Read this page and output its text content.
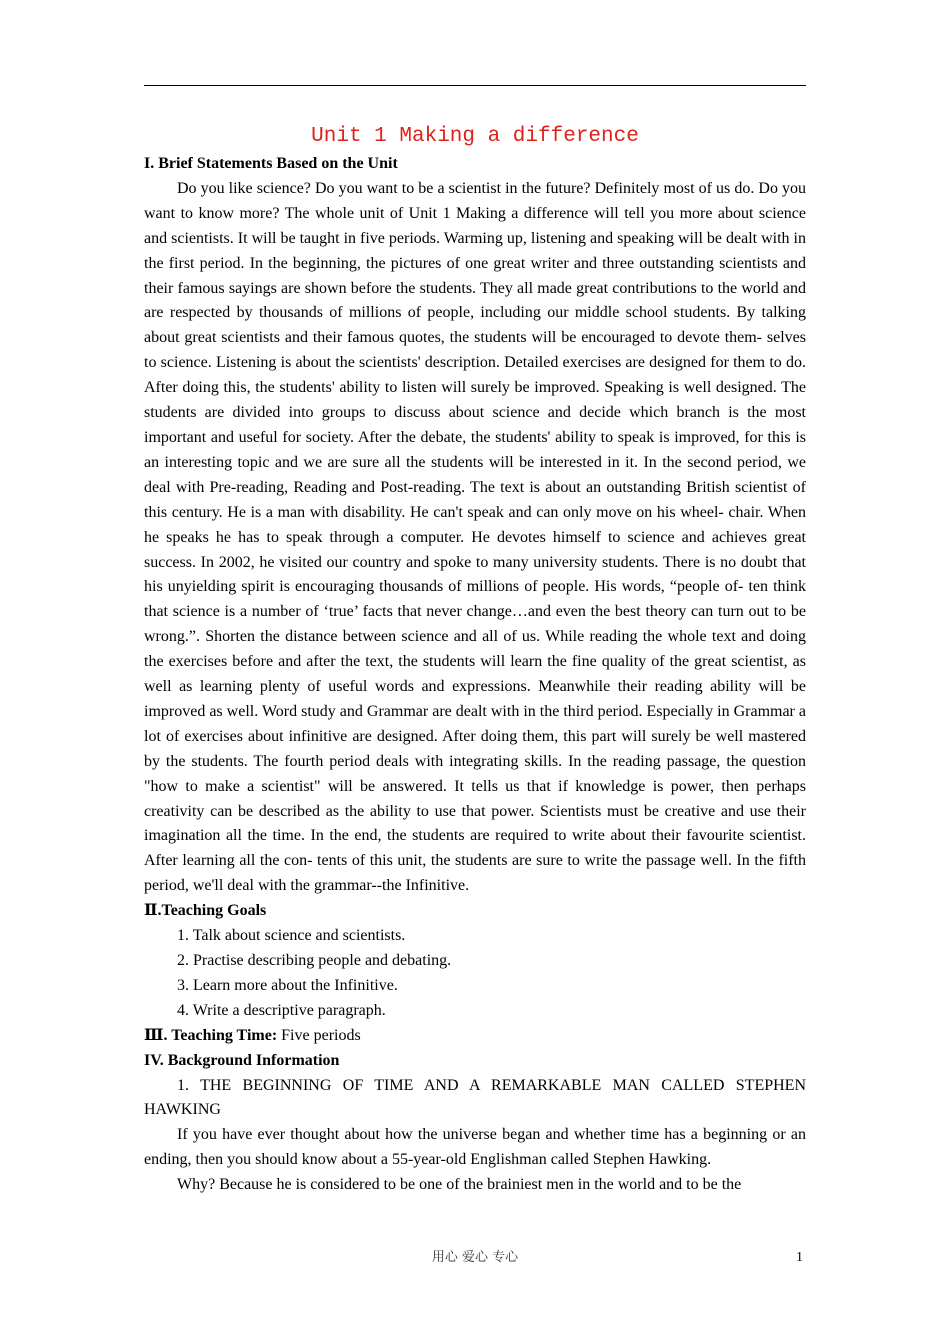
Unit 1 Making a difference

I. Brief Statements Based on the Unit

Do you like science? Do you want to be a scientist in the future? Definitely most of us do. Do you want to know more? The whole unit of Unit 1 Making a difference will tell you more about science and scientists. It will be taught in five periods. Warming up, listening and speaking will be dealt with in the first period. In the beginning, the pictures of one great writer and three outstanding scientists and their famous sayings are shown before the students. They all made great contributions to the world and are respected by thousands of millions of people, including our middle school students. By talking about great scientists and their famous quotes, the students will be encouraged to devote them- selves to science. Listening is about the scientists' description. Detailed exercises are designed for them to do. After doing this, the students' ability to listen will surely be improved. Speaking is well designed. The students are divided into groups to discuss about science and decide which branch is the most important and useful for society. After the debate, the students' ability to speak is improved, for this is an interesting topic and we are sure all the students will be interested in it. In the second period, we deal with Pre-reading, Reading and Post-reading. The text is about an outstanding British scientist of this century. He is a man with disability. He can't speak and can only move on his wheel- chair. When he speaks he has to speak through a computer. He devotes himself to science and achieves great success. In 2002, he visited our country and spoke to many university students. There is no doubt that his unyielding spirit is encouraging thousands of millions of people. His words, “people of- ten think that science is a number of ‘true’ facts that never change…and even the best theory can turn out to be wrong.”. Shorten the distance between science and all of us. While reading the whole text and doing the exercises before and after the text, the students will learn the fine quality of the great scientist, as well as learning plenty of useful words and expressions. Meanwhile their reading ability will be improved as well. Word study and Grammar are dealt with in the third period. Especially in Grammar a lot of exercises about infinitive are designed. After doing them, this part will surely be well mastered by the students. The fourth period deals with integrating skills. In the reading passage, the question "how to make a scientist" will be answered. It tells us that if knowledge is power, then perhaps creativity can be described as the ability to use that power. Scientists must be creative and use their imagination all the time. In the end, the students are required to write about their favourite scientist. After learning all the con- tents of this unit, the students are sure to write the passage well. In the fifth period, we'll deal with the grammar--the Infinitive.

Ⅱ.Teaching Goals

1. Talk about science and scientists.

2. Practise describing people and debating.

3. Learn more about the Infinitive.

4. Write a descriptive paragraph.

Ⅲ. Teaching Time: Five periods

IV. Background Information

1. THE BEGINNING OF TIME AND A REMARKABLE MAN CALLED STEPHEN HAWKING

If you have ever thought about how the universe began and whether time has a beginning or an ending, then you should know about a 55-year-old Englishman called Stephen Hawking.

Why? Because he is considered to be one of the brainiest men in the world and to be the

用心 爱心 专心	1
